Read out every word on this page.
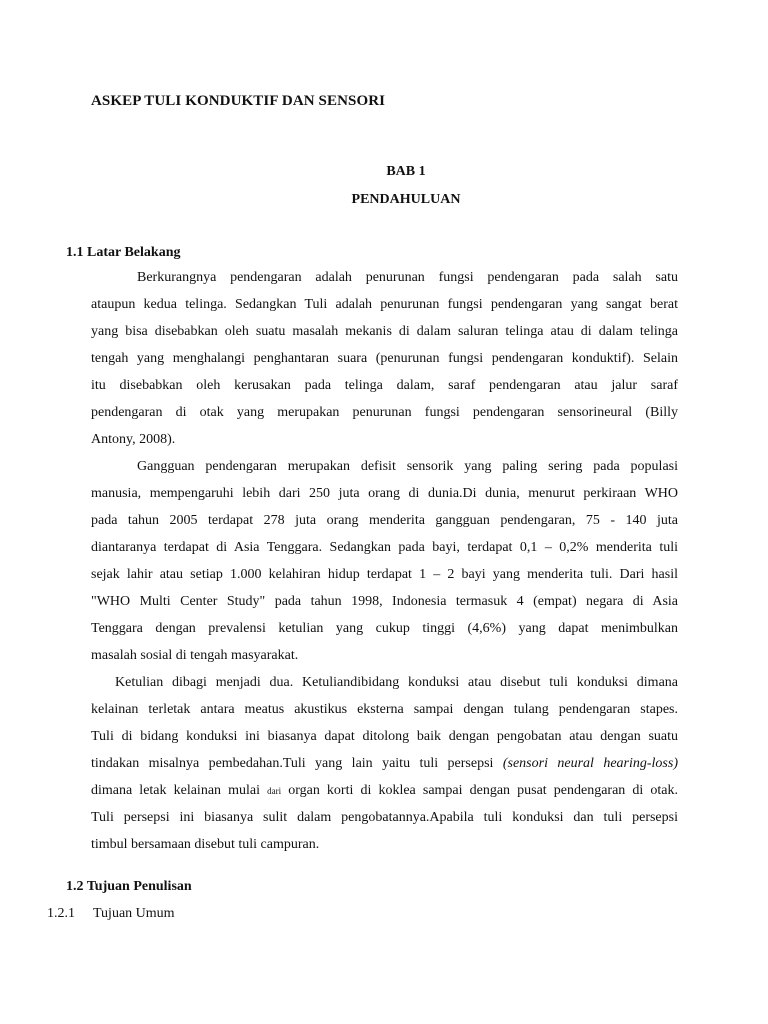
ASKEP TULI KONDUKTIF DAN SENSORI
BAB 1
PENDAHULUAN
1.1 Latar Belakang
Berkurangnya pendengaran adalah penurunan fungsi pendengaran pada salah satu
ataupun kedua telinga. Sedangkan Tuli adalah penurunan fungsi pendengaran yang sangat berat
yang bisa disebabkan oleh suatu masalah mekanis di dalam saluran telinga atau di dalam telinga
tengah yang menghalangi penghantaran suara (penurunan fungsi pendengaran konduktif). Selain
itu disebabkan oleh kerusakan pada telinga dalam, saraf pendengaran atau jalur saraf
pendengaran di otak yang merupakan penurunan fungsi pendengaran sensorineural (Billy
Antony, 2008).
Gangguan pendengaran merupakan defisit sensorik yang paling sering pada populasi
manusia, mempengaruhi lebih dari 250 juta orang di dunia.Di dunia, menurut perkiraan WHO
pada tahun 2005 terdapat 278 juta orang menderita gangguan pendengaran, 75 - 140 juta
diantaranya terdapat di Asia Tenggara. Sedangkan pada bayi, terdapat 0,1 – 0,2% menderita tuli
sejak lahir atau setiap 1.000 kelahiran hidup terdapat 1 – 2 bayi yang menderita tuli. Dari hasil
"WHO Multi Center Study" pada tahun 1998, Indonesia termasuk 4 (empat) negara di Asia
Tenggara dengan prevalensi ketulian yang cukup tinggi (4,6%) yang dapat menimbulkan
masalah sosial di tengah masyarakat.
Ketulian dibagi menjadi dua. Ketuliandibidang konduksi atau disebut tuli konduksi dimana
kelainan terletak antara meatus akustikus eksterna sampai dengan tulang pendengaran stapes.
Tuli di bidang konduksi ini biasanya dapat ditolong baik dengan pengobatan atau dengan suatu
tindakan misalnya pembedahan.Tuli yang lain yaitu tuli persepsi (sensori neural hearing-loss)
dimana letak kelainan mulai dari organ korti di koklea sampai dengan pusat pendengaran di otak.
Tuli persepsi ini biasanya sulit dalam pengobatannya.Apabila tuli konduksi dan tuli persepsi
timbul bersamaan disebut tuli campuran.
1.2 Tujuan Penulisan
1.2.1 Tujuan Umum
